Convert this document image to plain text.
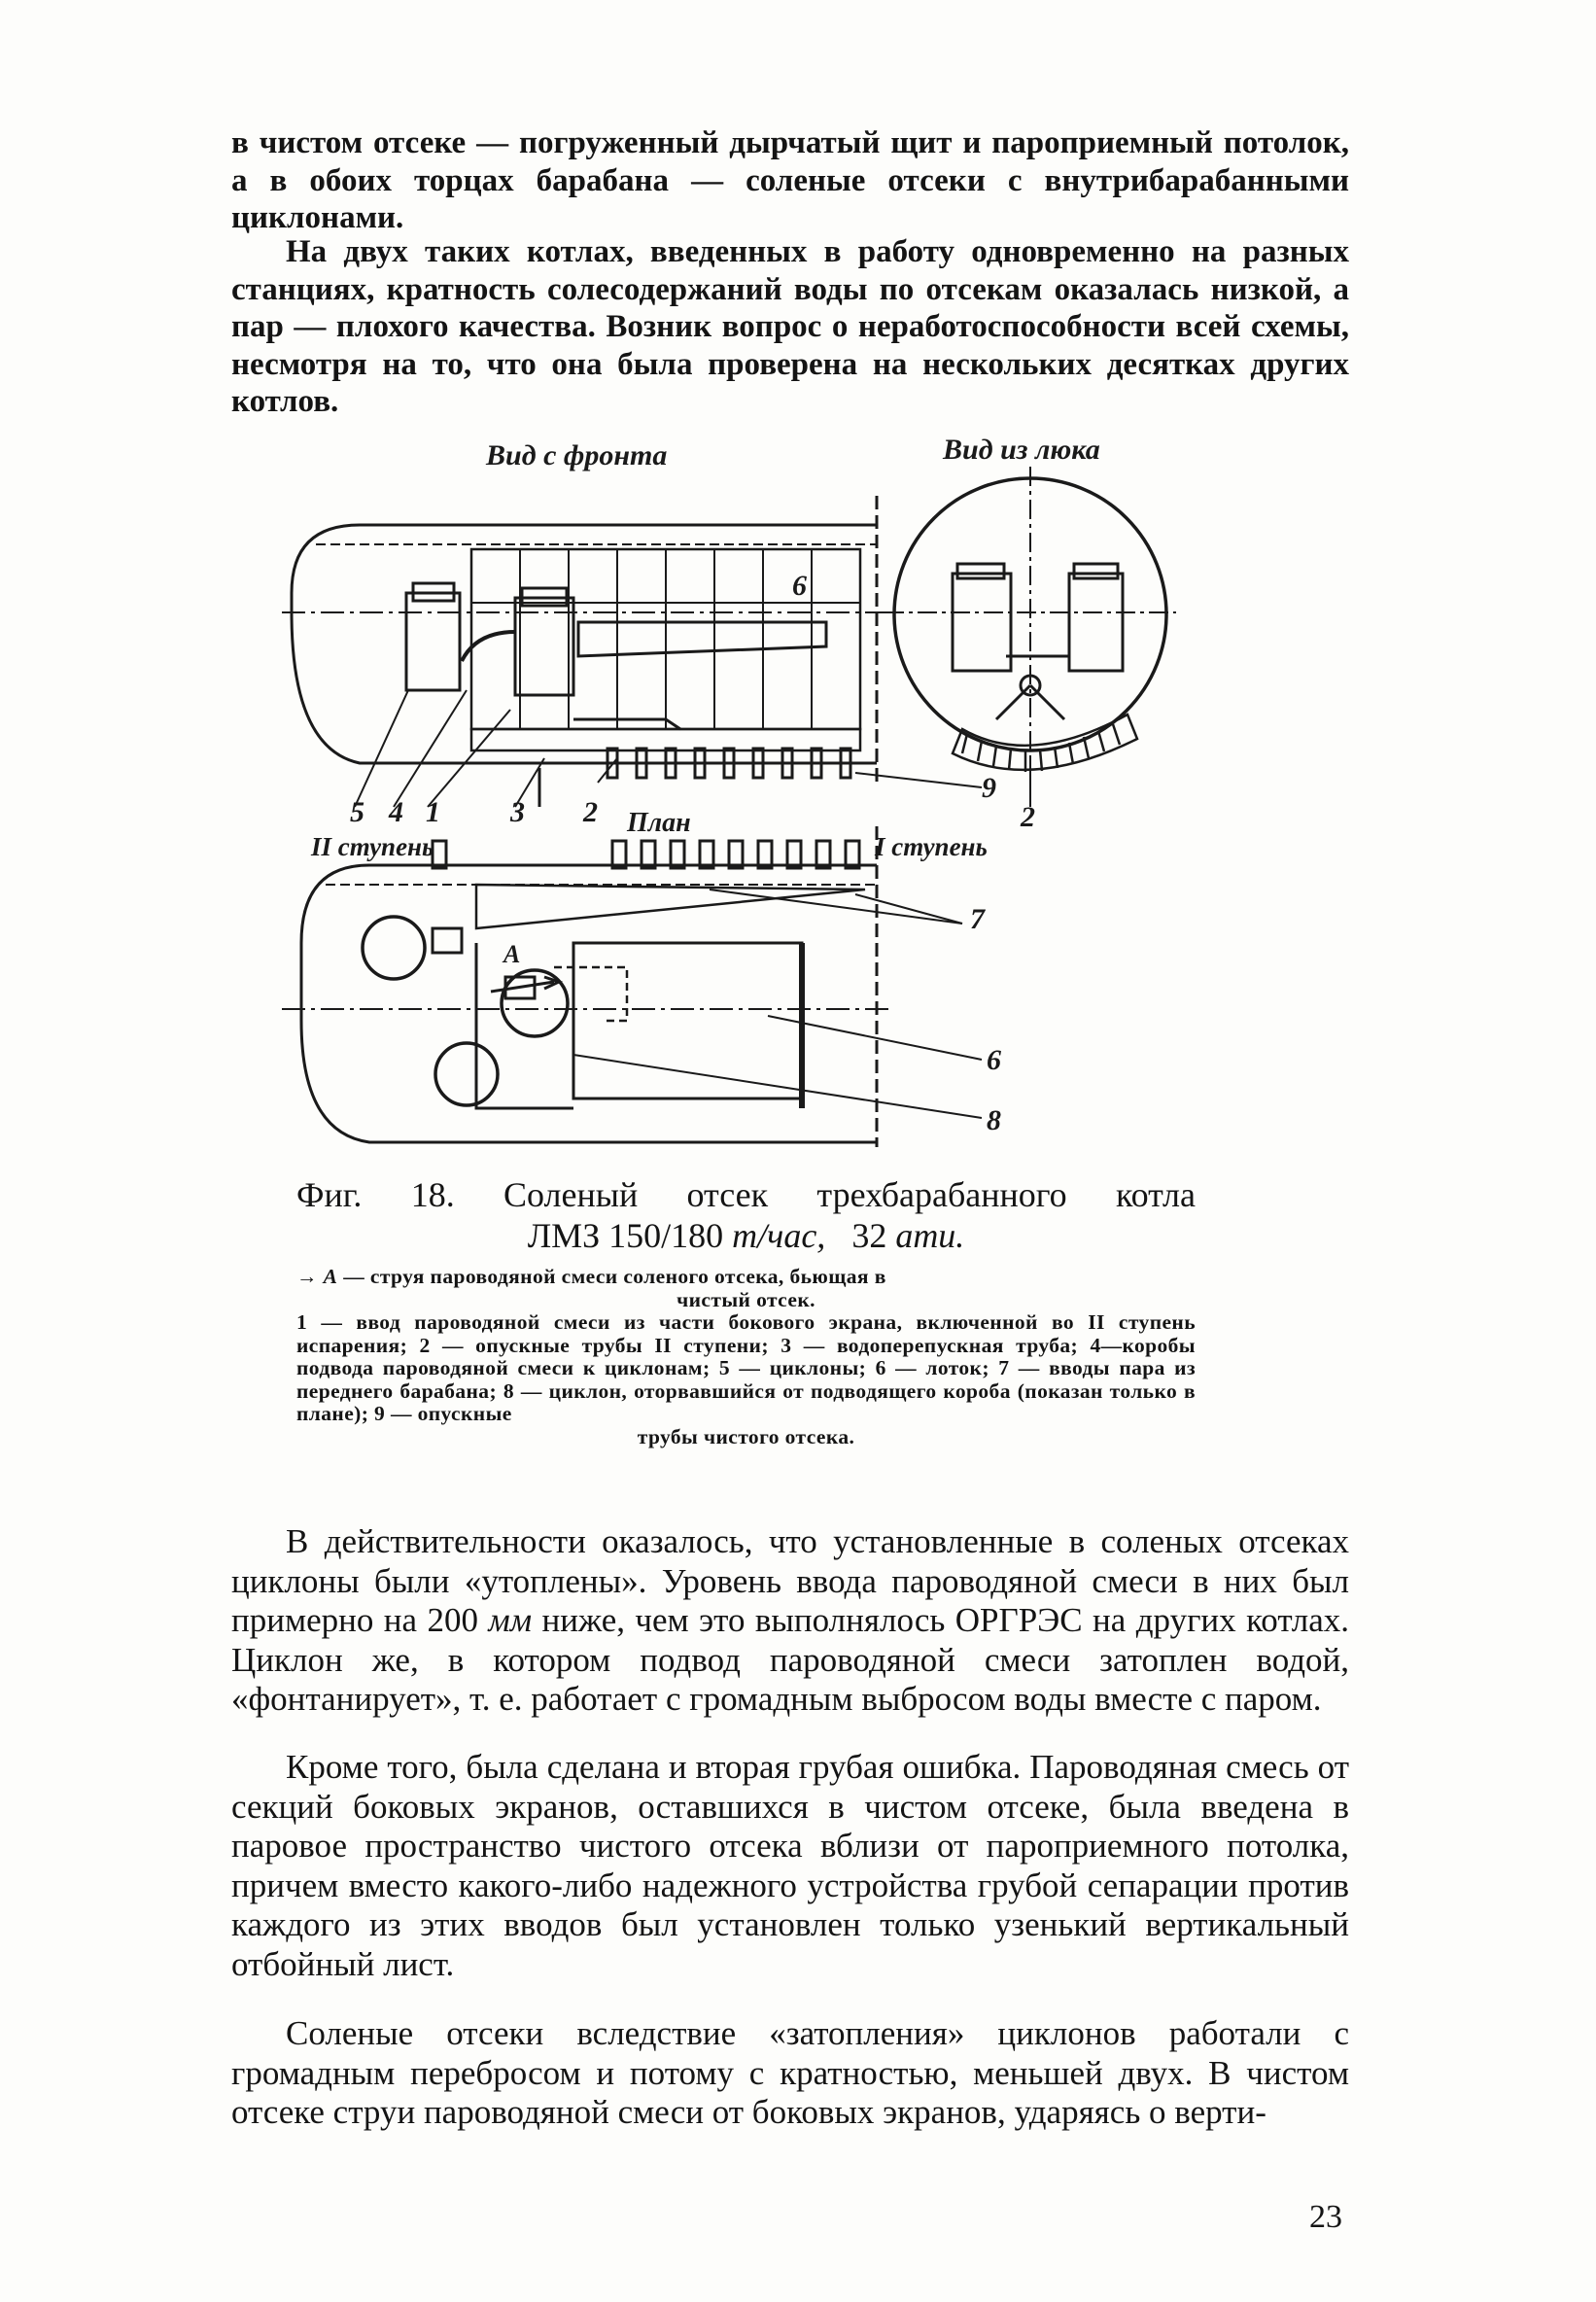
в чистом отсеке — погруженный дырчатый щит и пароприемный потолок, а в обоих торцах барабана — соленые отсеки с внутрибарабанными циклонами.

На двух таких котлах, введенных в работу одновременно на разных станциях, кратность солесодержаний воды по отсекам оказалась низкой, а пар — плохого качества. Возник вопрос о неработоспособности всей схемы, несмотря на то, что она была проверена на нескольких десятках других котлов.

Вид с фронта	Вид из люка
План
II ступень	I ступень
5 4 1 3 2
6
9
2
7
6
8
A
Фиг. 18. Соленый отсек трехбарабанного котла
ЛМЗ 150/180 т/час, 32 ати.
→ А — струя пароводяной смеси соленого отсека, бьющая в
чистый отсек.
1 — ввод пароводяной смеси из части бокового экрана, включенной во II ступень испарения; 2 — опускные трубы II ступени; 3 — водоперепускная труба; 4—коробы подвода пароводяной смеси к циклонам; 5 — циклоны; 6 — лоток; 7 — вводы пара из переднего барабана; 8 — циклон, оторвавшийся от подводящего короба (показан только в плане); 9 — опускные
трубы чистого отсека.

В действительности оказалось, что установленные в соленых отсеках циклоны были «утоплены». Уровень ввода пароводяной смеси в них был примерно на 200 мм ниже, чем это выполнялось ОРГРЭС на других котлах. Циклон же, в котором подвод пароводяной смеси затоплен водой, «фонтанирует», т. е. работает с громадным выбросом воды вместе с паром.

Кроме того, была сделана и вторая грубая ошибка. Пароводяная смесь от секций боковых экранов, оставшихся в чистом отсеке, была введена в паровое пространство чистого отсека вблизи от пароприемного потолка, причем вместо какого-либо надежного устройства грубой сепарации против каждого из этих вводов был установлен только узенький вертикальный отбойный лист.

Соленые отсеки вследствие «затопления» циклонов работали с громадным перебросом и потому с кратностью, меньшей двух. В чистом отсеке струи пароводяной смеси от боковых экранов, ударяясь о верти-

23
